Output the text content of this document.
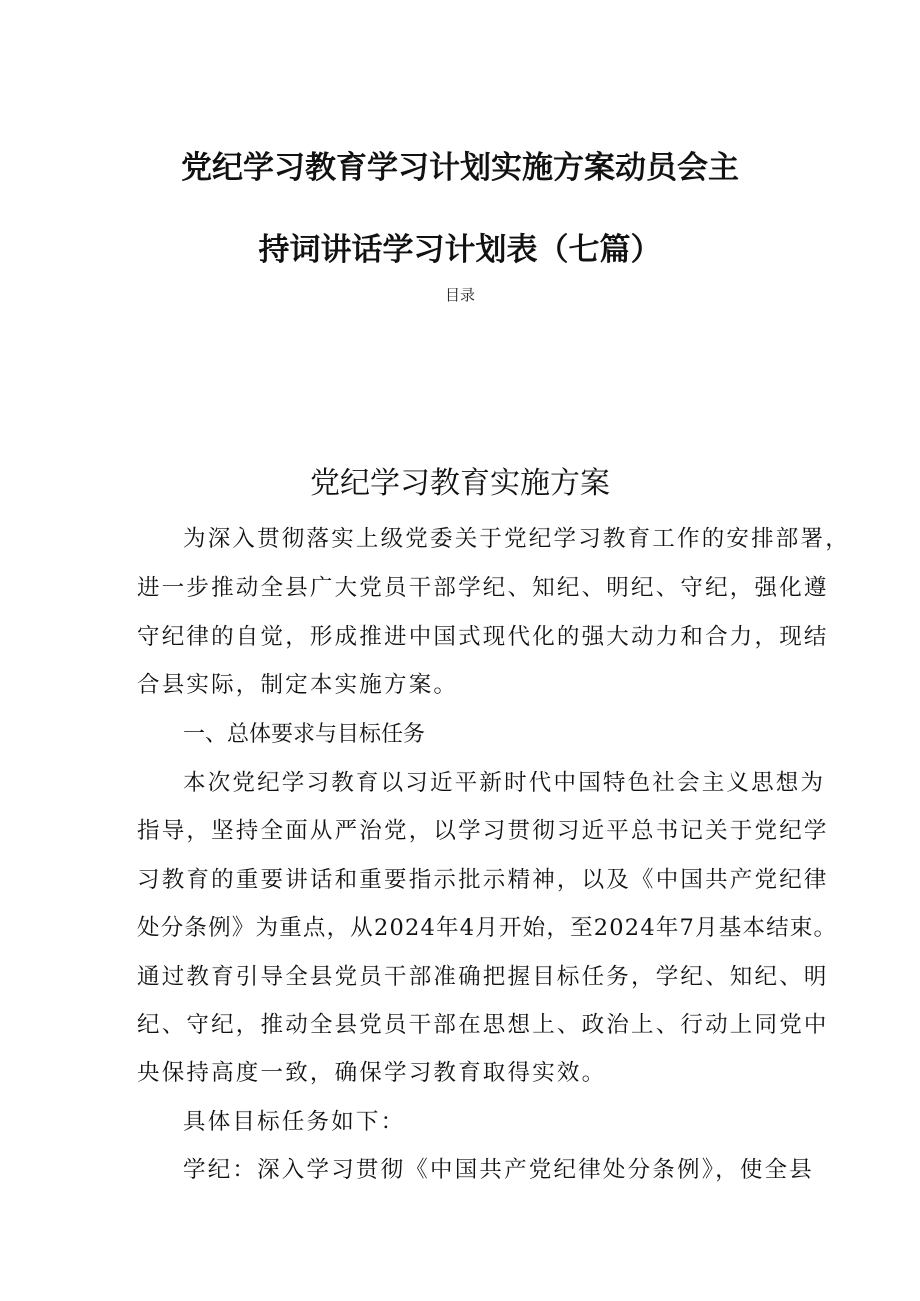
党纪学习教育学习计划实施方案动员会主
持词讲话学习计划表（七篇）
目录
党纪学习教育实施方案
为深入贯彻落实上级党委关于党纪学习教育工作的安排部署，
进一步推动全县广大党员干部学纪、知纪、明纪、守纪，强化遵
守纪律的自觉，形成推进中国式现代化的强大动力和合力，现结
合县实际，制定本实施方案。
一、总体要求与目标任务
本次党纪学习教育以习近平新时代中国特色社会主义思想为
指导，坚持全面从严治党，以学习贯彻习近平总书记关于党纪学
习教育的重要讲话和重要指示批示精神，以及《中国共产党纪律
处分条例》为重点，从2024年4月开始，至2024年7月基本结束。
通过教育引导全县党员干部准确把握目标任务，学纪、知纪、明
纪、守纪，推动全县党员干部在思想上、政治上、行动上同党中
央保持高度一致，确保学习教育取得实效。
具体目标任务如下：
学纪：深入学习贯彻《中国共产党纪律处分条例》，使全县
